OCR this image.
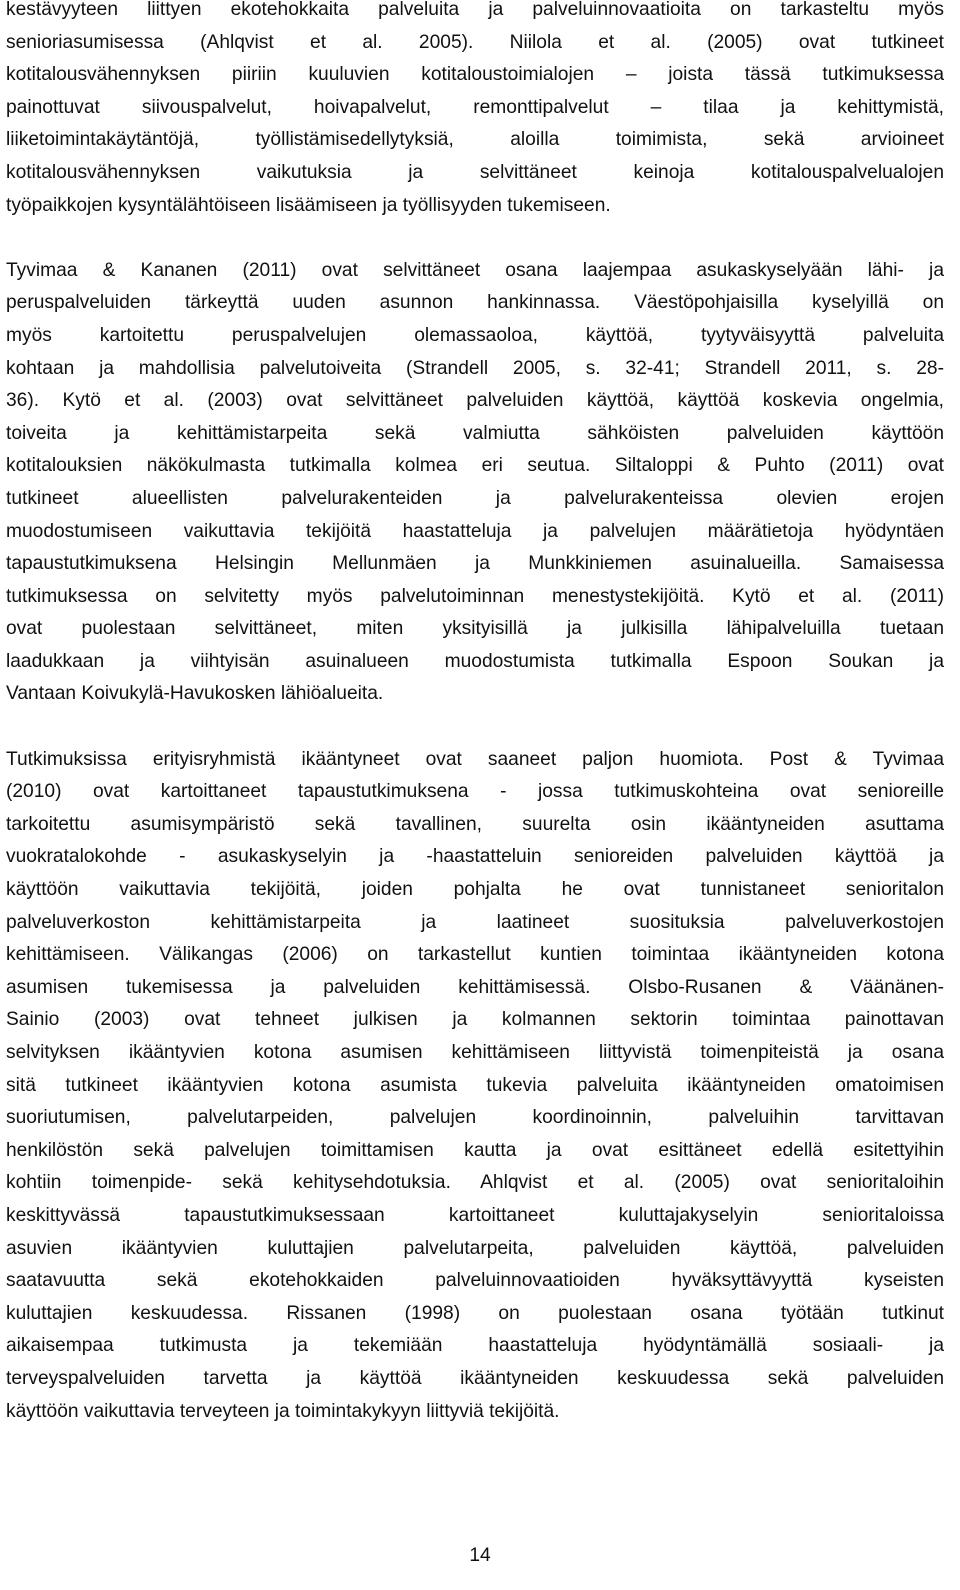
kestävyyteen liittyen ekotehokkaita palveluita ja palveluinnovaatioita on tarkasteltu myös
senioriasumisessa (Ahlqvist et al. 2005). Niilola et al. (2005) ovat tutkineet
kotitalousvähennyksen piiriin kuuluvien kotitaloustoimialojen – joista tässä tutkimuksessa
painottuvat siivouspalvelut, hoivapalvelut, remonttipalvelut – tilaa ja kehittymistä,
liiketoimintakäytäntöjä, työllistämisedellytyksiä, aloilla toimimista, sekä arvioineet
kotitalousvähennyksen vaikutuksia ja selvittäneet keinoja kotitalouspalvelualojen
työpaikkojen kysyntälähtöiseen lisäämiseen ja työllisyyden tukemiseen.
Tyvimaa & Kananen (2011) ovat selvittäneet osana laajempaa asukaskyselyään lähi- ja
peruspalveluiden tärkeyttä uuden asunnon hankinnassa. Väestöpohjaisilla kyselyillä on
myös kartoitettu peruspalvelujen olemassaoloa, käyttöä, tyytyväisyyttä palveluita
kohtaan ja mahdollisia palvelutoiveita (Strandell 2005, s. 32-41; Strandell 2011, s. 28-
36). Kytö et al. (2003) ovat selvittäneet palveluiden käyttöä, käyttöä koskevia ongelmia,
toiveita ja kehittämistarpeita sekä valmiutta sähköisten palveluiden käyttöön
kotitalouksien näkökulmasta tutkimalla kolmea eri seutua. Siltaloppi & Puhto (2011) ovat
tutkineet alueellisten palvelurakenteiden ja palvelurakenteissa olevien erojen
muodostumiseen vaikuttavia tekijöitä haastatteluja ja palvelujen määrätietoja hyödyntäen
tapaustutkimuksena Helsingin Mellunmäen ja Munkkiniemen asuinalueilla. Samaisessa
tutkimuksessa on selvitetty myös palvelutoiminnan menestystekijöitä. Kytö et al. (2011)
ovat puolestaan selvittäneet, miten yksityisillä ja julkisilla lähipalveluilla tuetaan
laadukkaan ja viihtyisän asuinalueen muodostumista tutkimalla Espoon Soukan ja
Vantaan Koivukylä-Havukosken lähiöalueita.
Tutkimuksissa erityisryhmistä ikääntyneet ovat saaneet paljon huomiota. Post & Tyvimaa
(2010) ovat kartoittaneet tapaustutkimuksena - jossa tutkimuskohteina ovat senioreille
tarkoitettu asumisympäristö sekä tavallinen, suurelta osin ikääntyneiden asuttama
vuokratalokohde - asukaskyselyin ja -haastatteluin senioreiden palveluiden käyttöä ja
käyttöön vaikuttavia tekijöitä, joiden pohjalta he ovat tunnistaneet senioritalon
palveluverkoston kehittämistarpeita ja laatineet suosituksia palveluverkostojen
kehittämiseen. Välikangas (2006) on tarkastellut kuntien toimintaa ikääntyneiden kotona
asumisen tukemisessa ja palveluiden kehittämisessä. Olsbo-Rusanen & Väänänen-
Sainio (2003) ovat tehneet julkisen ja kolmannen sektorin toimintaa painottavan
selvityksen ikääntyvien kotona asumisen kehittämiseen liittyvistä toimenpiteistä ja osana
sitä tutkineet ikääntyvien kotona asumista tukevia palveluita ikääntyneiden omatoimisen
suoriutumisen, palvelutarpeiden, palvelujen koordinoinnin, palveluihin tarvittavan
henkilöstön sekä palvelujen toimittamisen kautta ja ovat esittäneet edellä esitettyihin
kohtiin toimenpide- sekä kehitysehdotuksia. Ahlqvist et al. (2005) ovat senioritaloihin
keskittyvässä tapaustutkimuksessaan kartoittaneet kuluttajakyselyin senioritaloissa
asuvien ikääntyvien kuluttajien palvelutarpeita, palveluiden käyttöä, palveluiden
saatavuutta sekä ekotehokkaiden palveluinnovaatioiden hyväksyttävyyttä kyseisten
kuluttajien keskuudessa. Rissanen (1998) on puolestaan osana työtään tutkinut
aikaisempaa tutkimusta ja tekemiään haastatteluja hyödyntämällä sosiaali- ja
terveyspalveluiden tarvetta ja käyttöä ikääntyneiden keskuudessa sekä palveluiden
käyttöön vaikuttavia terveyteen ja toimintakykyyn liittyviä tekijöitä.
14
